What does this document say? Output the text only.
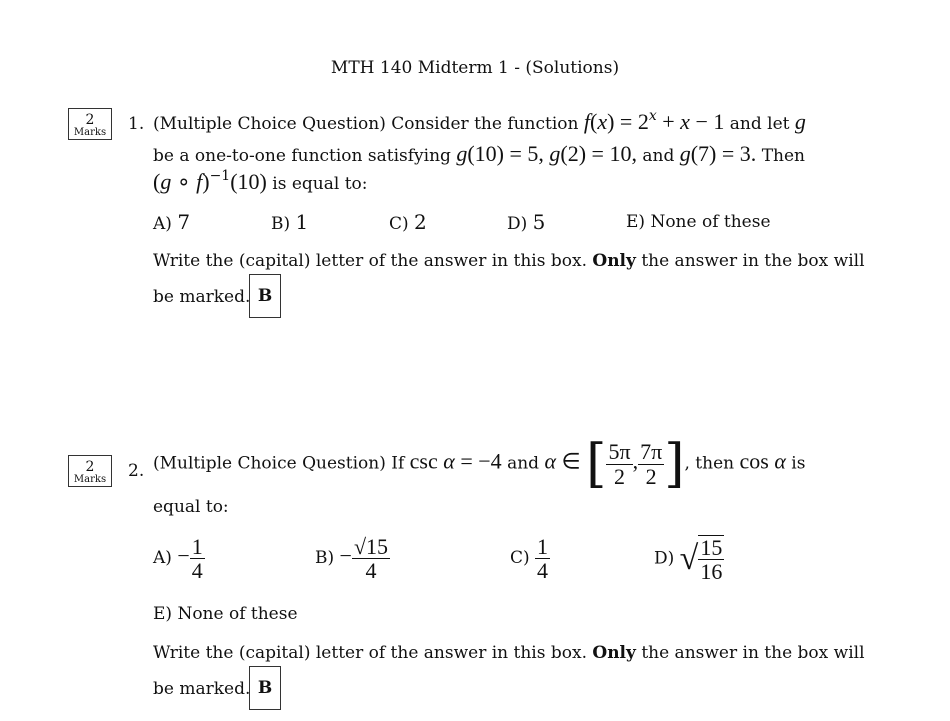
MTH 140 Midterm 1 - (Solutions)
2
Marks 1. (Multiple Choice Question) Consider the function $f(x) = 2^x + x - 1$ and let g
be a one-to-one function satisfying g(10) = 5, g(2) = 10, and g(7) = 3. Then
(g ∘ f)$^{-1}$(10) is equal to:
A) 7	B) 1	C) 2	D) 5	E) None of these
Write the (capital) letter of the answer in this box. Only the answer in the box will
be marked. B
2
Marks 2. (Multiple Choice Question) If csc α = −4 and α ∈ [ $\frac{5\pi}{2}$ , $\frac{7\pi}{2}$ ], then cos α is
equal to:
$A) - \frac{1}{4}$	$B) - \frac{√15}{4}$	$C) \frac{1}{4}$	D) √ $\frac{15}{16}$
E) None of these
Write the (capital) letter of the answer in this box. Only the answer in the box will
be marked. B
